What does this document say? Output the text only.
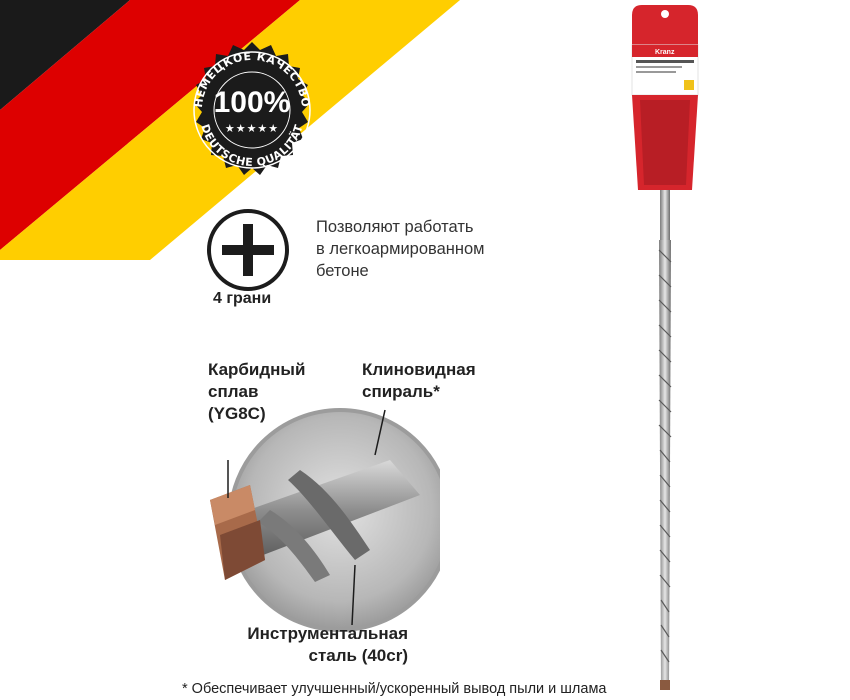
НЕМЕЦКОЕ КАЧЕСТВО
DEUTSCHE QUALITÄT
100%
★★★★★
4 грани
Позволяют работать
в легкоармированном
бетоне
Карбидный
сплав
(YG8C)
Клиновидная
спираль*
Инструментальная
сталь (40cr)
Kranz
* Обеспечивает улучшенный/ускоренный вывод пыли и шлама
